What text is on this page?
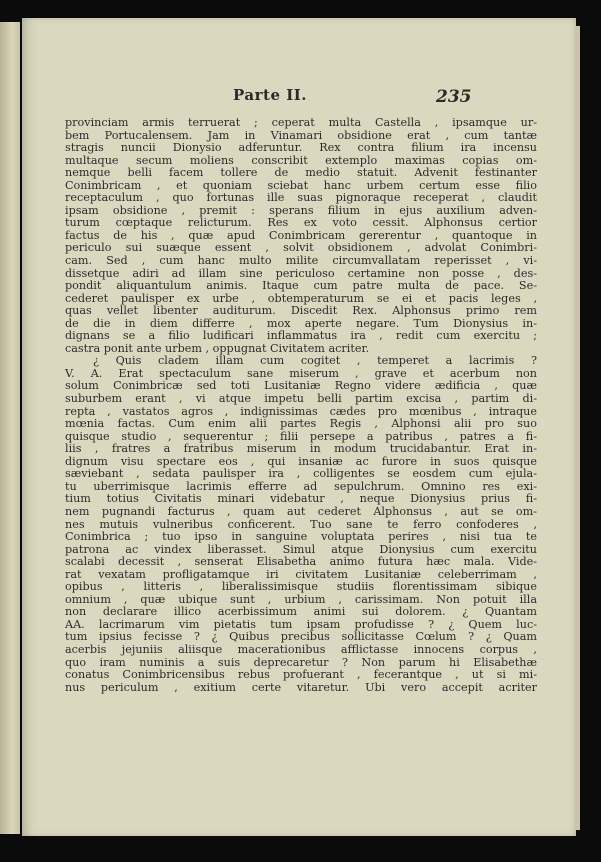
Parte II.	235
provinciam armis terruerat ; ceperat multa Castella , ipsamque ur-
bem Portucalensem. Jam in Vinamari obsidione erat , cum tantæ
stragis nuncii Dionysio adferuntur. Rex contra filium ira incensu
multaque secum moliens conscribit extemplo maximas copias om-
nemque belli facem tollere de medio statuit. Advenit festinanter
Conimbricam , et quoniam sciebat hanc urbem certum esse filio
receptaculum , quo fortunas ille suas pignoraque receperat , claudit
ipsam obsidione , premit : sperans filium in ejus auxilium adven-
turum cœptaque relicturum. Res ex voto cessit. Alphonsus certior
factus de his , quæ apud Conimbricam gererentur , quantoque in
periculo sui suæque essent , solvit obsidionem , advolat Conimbri-
cam. Sed , cum hanc multo milite circumvallatam reperisset , vi-
dissetque adiri ad illam sine periculoso certamine non posse , des-
pondit aliquantulum animis. Itaque cum patre multa de pace. Se-
cederet paulisper ex urbe , obtemperaturum se ei et pacis leges ,
quas vellet libenter auditurum. Discedit Rex. Alphonsus primo rem
de die in diem differre , mox aperte negare. Tum Dionysius in-
dignans se a filio ludificari inflammatus ira , redit cum exercitu ;
castra ponit ante urbem , oppugnat Civitatem acriter.
¿ Quis cladem illam cum cogitet , temperet a lacrimis ?
V. A. Erat spectaculum sane miserum , grave et acerbum non
solum Conimbricæ sed toti Lusitaniæ Regno videre ædificia , quæ
suburbem erant , vi atque impetu belli partim excisa , partim di-
repta , vastatos agros , indignissimas cædes pro mœnibus , intraque
mœnia factas. Cum enim alii partes Regis , Alphonsi alii pro suo
quisque studio , sequerentur ; filii persepe a patribus , patres a fi-
liis , fratres a fratribus miserum in modum trucidabantur. Erat in-
dignum visu spectare eos , qui insaniæ ac furore in suos quisque
sæviebant , sedata paulisper ira , colligentes se eosdem cum ejula-
tu uberrimisque lacrimis efferre ad sepulchrum. Omnino res exi-
tium totius Civitatis minari videbatur , neque Dionysius prius fi-
nem pugnandi facturus , quam aut cederet Alphonsus , aut se om-
nes mutuis vulneribus conficerent. Tuo sane te ferro confoderes ,
Conimbrica ; tuo ipso in sanguine voluptata perires , nisi tua te
patrona ac vindex liberasset. Simul atque Dionysius cum exercitu
scalabi decessit , senserat Elisabetha animo futura hæc mala. Vide-
rat vexatam profligatamque iri civitatem Lusitaniæ celeberrimam ,
opibus , litteris , liberalissimisque studiis florentissimam sibique
omnium , quæ ubique sunt , urbium , carissimam. Non potuit illa
non declarare illico acerbissimum animi sui dolorem. ¿ Quantam
AA. lacrimarum vim pietatis tum ipsam profudisse ? ¿ Quem luc-
tum ipsius fecisse ? ¿ Quibus precibus sollicitasse Cœlum ? ¿ Quam
acerbis jejuniis aliisque macerationibus afflictasse innocens corpus ,
quo iram numinis a suis deprecaretur ? Non parum hi Elisabethæ
conatus Conimbricensibus rebus profuerant , fecerantque , ut si mi-
nus periculum , exitium certe vitaretur. Ubi vero accepit acriter
